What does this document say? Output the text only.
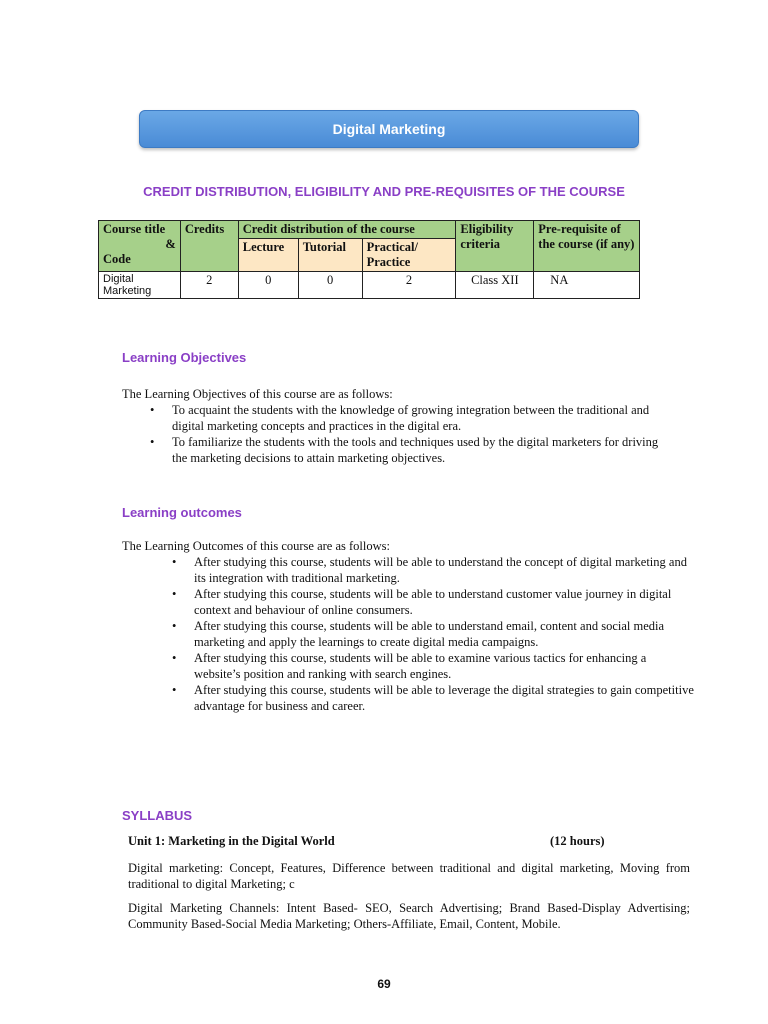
Digital Marketing
CREDIT DISTRIBUTION, ELIGIBILITY AND PRE-REQUISITES OF THE COURSE
Course title
&
Code	Credits	Credit distribution of the course			Eligibility criteria	Pre-requisite of the course (if any)
		Lecture	Tutorial	Practical/ Practice		
Digital Marketing	2	0	0	2	Class XII	NA
Learning Objectives
The Learning Objectives of this course are as follows:
• To acquaint the students with the knowledge of growing integration between the traditional and digital marketing concepts and practices in the digital era.
• To familiarize the students with the tools and techniques used by the digital marketers for driving the marketing decisions to attain marketing objectives.
Learning outcomes
The Learning Outcomes of this course are as follows:
• After studying this course, students will be able to understand the concept of digital marketing and its integration with traditional marketing.
• After studying this course, students will be able to understand customer value journey in digital context and behaviour of online consumers.
• After studying this course, students will be able to understand email, content and social media marketing and apply the learnings to create digital media campaigns.
• After studying this course, students will be able to examine various tactics for enhancing a website’s position and ranking with search engines.
• After studying this course, students will be able to leverage the digital strategies to gain competitive advantage for business and career.
SYLLABUS
Unit 1: Marketing in the Digital World	(12 hours)
Digital marketing: Concept, Features, Difference between traditional and digital marketing, Moving from traditional to digital Marketing; c
Digital Marketing Channels: Intent Based- SEO, Search Advertising; Brand Based-Display Advertising; Community Based-Social Media Marketing; Others-Affiliate, Email, Content, Mobile.
69
